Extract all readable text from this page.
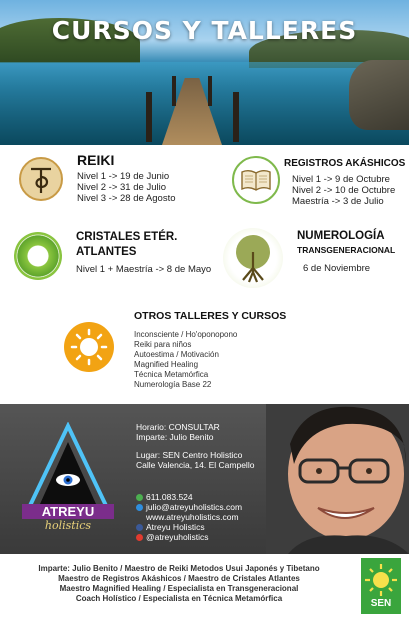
CURSOS Y TALLERES
REIKI
Nivel 1 -> 19 de Junio
Nivel 2 -> 31 de Julio
Nivel 3 -> 28 de Agosto
REGISTROS AKÁSHICOS
Nivel 1 -> 9 de Octubre
Nivel 2 -> 10 de Octubre
Maestría -> 3 de Julio
CRISTALES ETÉR.
ATLANTES
Nivel 1 + Maestría -> 8 de Mayo
NUMEROLOGÍA
TRANSGENERACIONAL
6 de Noviembre
OTROS TALLERES Y CURSOS
Inconsciente / Ho'oponopono
Reiki para niños
Autoestima / Motivación
Magnified Healing
Técnica Metamórfica
Numerología Base 22
ATREYU
holistics
Horario: CONSULTAR
Imparte: Julio Benito
Lugar: SEN Centro Holistico
Calle Valencia, 14. El Campello
611.083.524
julio@atreyuholistics.com
www.atreyuholistics.com
Atreyu Holistics
@atreyuholistics
Imparte: Julio Benito / Maestro de Reiki Metodos Usui Japonés y Tibetano
Maestro de Registros Akáshicos / Maestro de Cristales Atlantes
Maestro Magnified Healing / Especialista en Transgeneracional
Coach Holístico / Especialista en Técnica Metamórfica	SEN
